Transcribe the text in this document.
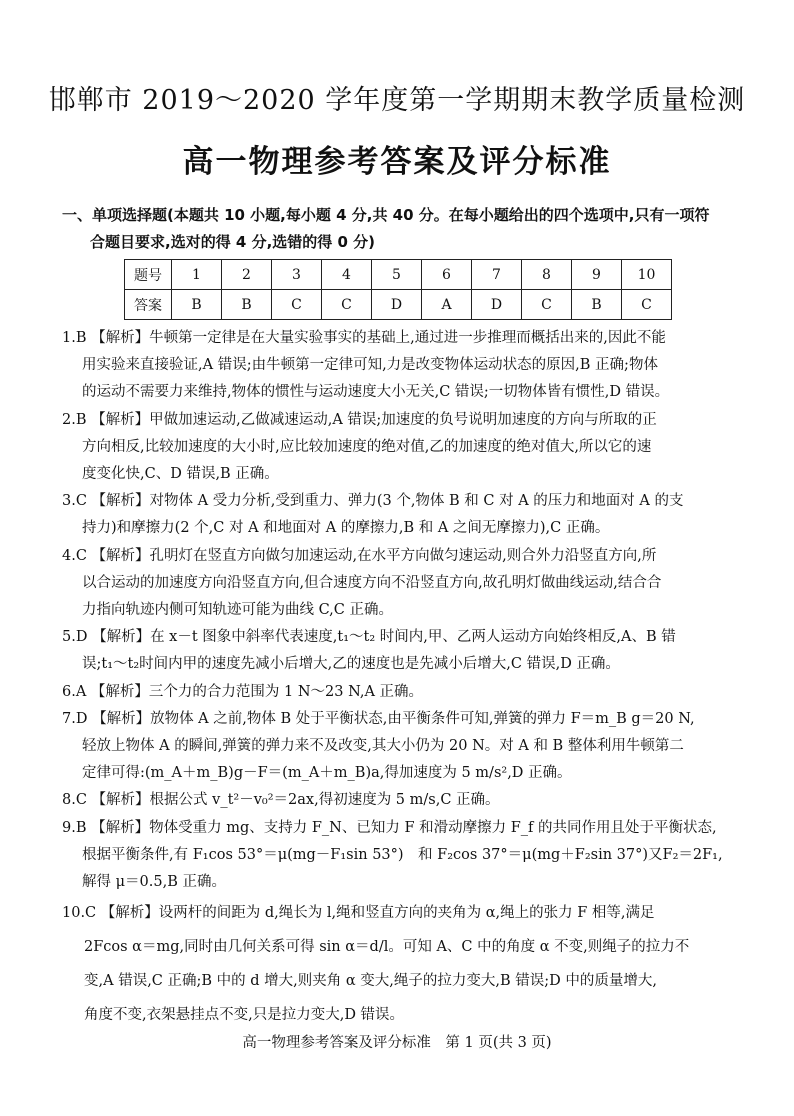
邯郸市 2019～2020 学年度第一学期期末教学质量检测
高一物理参考答案及评分标准
一、单项选择题(本题共 10 小题,每小题 4 分,共 40 分。在每小题给出的四个选项中,只有一项符
合题目要求,选对的得 4 分,选错的得 0 分)
题号	1	2	3	4	5	6	7	8	9	10
答案	B	B	C	C	D	A	D	C	B	C

1.B 【解析】牛顿第一定律是在大量实验事实的基础上,通过进一步推理而概括出来的,因此不能

用实验来直接验证,A 错误;由牛顿第一定律可知,力是改变物体运动状态的原因,B 正确;物体

的运动不需要力来维持,物体的惯性与运动速度大小无关,C 错误;一切物体皆有惯性,D 错误。

2.B 【解析】甲做加速运动,乙做减速运动,A 错误;加速度的负号说明加速度的方向与所取的正

方向相反,比较加速度的大小时,应比较加速度的绝对值,乙的加速度的绝对值大,所以它的速

度变化快,C、D 错误,B 正确。

3.C 【解析】对物体 A 受力分析,受到重力、弹力(3 个,物体 B 和 C 对 A 的压力和地面对 A 的支

持力)和摩擦力(2 个,C 对 A 和地面对 A 的摩擦力,B 和 A 之间无摩擦力),C 正确。

4.C 【解析】孔明灯在竖直方向做匀加速运动,在水平方向做匀速运动,则合外力沿竖直方向,所

以合运动的加速度方向沿竖直方向,但合速度方向不沿竖直方向,故孔明灯做曲线运动,结合合

力指向轨迹内侧可知轨迹可能为曲线 C,C 正确。

5.D 【解析】在 x－t 图象中斜率代表速度,t₁～t₂ 时间内,甲、乙两人运动方向始终相反,A、B 错

误;t₁～t₂时间内甲的速度先减小后增大,乙的速度也是先减小后增大,C 错误,D 正确。

6.A 【解析】三个力的合力范围为 1 N～23 N,A 正确。

7.D 【解析】放物体 A 之前,物体 B 处于平衡状态,由平衡条件可知,弹簧的弹力 F＝m_B g＝20 N,

轻放上物体 A 的瞬间,弹簧的弹力来不及改变,其大小仍为 20 N。对 A 和 B 整体利用牛顿第二

定律可得:(m_A＋m_B)g－F＝(m_A＋m_B)a,得加速度为 5 m/s²,D 正确。

8.C 【解析】根据公式 v_t²－v₀²＝2ax,得初速度为 5 m/s,C 正确。

9.B 【解析】物体受重力 mg、支持力 F_N、已知力 F 和滑动摩擦力 F_f 的共同作用且处于平衡状态,

根据平衡条件,有 F₁cos 53°＝μ(mg－F₁sin 53°)　和 F₂cos 37°＝μ(mg＋F₂sin 37°)又F₂＝2F₁,

解得 μ＝0.5,B 正确。

10.C 【解析】设两杆的间距为 d,绳长为 l,绳和竖直方向的夹角为 α,绳上的张力 F 相等,满足

2Fcos α＝mg,同时由几何关系可得 sin α＝d/l。可知 A、C 中的角度 α 不变,则绳子的拉力不

变,A 错误,C 正确;B 中的 d 增大,则夹角 α 变大,绳子的拉力变大,B 错误;D 中的质量增大,

角度不变,衣架悬挂点不变,只是拉力变大,D 错误。

高一物理参考答案及评分标准　第 1 页(共 3 页)
